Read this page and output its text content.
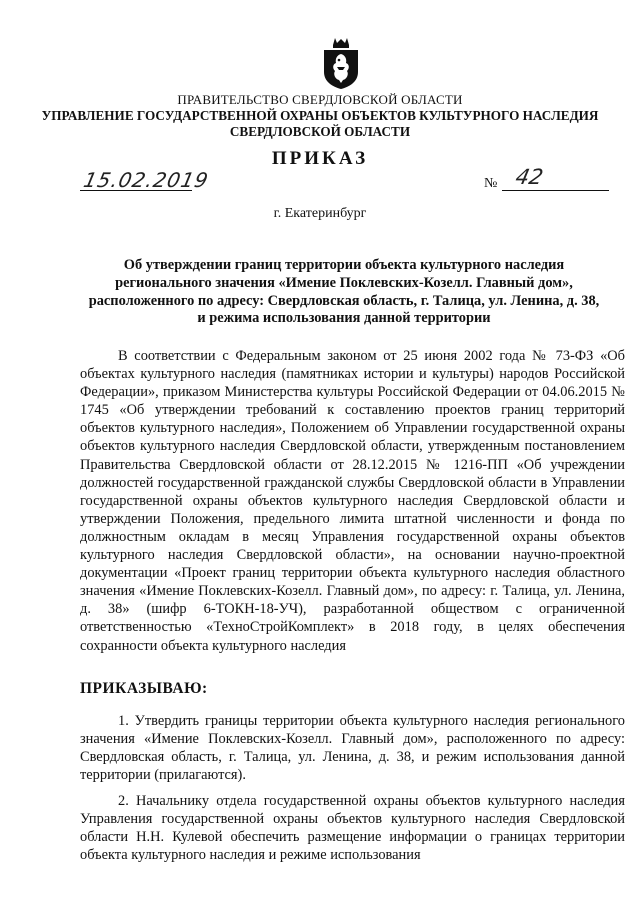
ПРАВИТЕЛЬСТВО СВЕРДЛОВСКОЙ ОБЛАСТИ
УПРАВЛЕНИЕ ГОСУДАРСТВЕННОЙ ОХРАНЫ ОБЪЕКТОВ КУЛЬТУРНОГО НАСЛЕДИЯ СВЕРДЛОВСКОЙ ОБЛАСТИ
ПРИКАЗ
15.02.2019	№ 42
г. Екатеринбург
Об утверждении границ территории объекта культурного наследия регионального значения «Имение Поклевских-Козелл. Главный дом», расположенного по адресу: Свердловская область, г. Талица, ул. Ленина, д. 38, и режима использования данной территории

В соответствии с Федеральным законом от 25 июня 2002 года № 73-ФЗ «Об объектах культурного наследия (памятниках истории и культуры) народов Российской Федерации», приказом Министерства культуры Российской Федерации от 04.06.2015 № 1745 «Об утверждении требований к составлению проектов границ территорий объектов культурного наследия», Положением об Управлении государственной охраны объектов культурного наследия Свердловской области, утвержденным постановлением Правительства Свердловской области от 28.12.2015 № 1216-ПП «Об учреждении должностей государственной гражданской службы Свердловской области в Управлении государственной охраны объектов культурного наследия Свердловской области и утверждении Положения, предельного лимита штатной численности и фонда по должностным окладам в месяц Управления государственной охраны объектов культурного наследия Свердловской области», на основании научно-проектной документации «Проект границ территории объекта культурного наследия областного значения «Имение Поклевских-Козелл. Главный дом», по адресу: г. Талица, ул. Ленина, д. 38» (шифр 6-ТОКН-18-УЧ), разработанной обществом с ограниченной ответственностью «ТехноСтройКомплект» в 2018 году, в целях обеспечения сохранности объекта культурного наследия

ПРИКАЗЫВАЮ:

1. Утвердить границы территории объекта культурного наследия регионального значения «Имение Поклевских-Козелл. Главный дом», расположенного по адресу: Свердловская область, г. Талица, ул. Ленина, д. 38, и режим использования данной территории (прилагаются).

2. Начальнику отдела государственной охраны объектов культурного наследия Управления государственной охраны объектов культурного наследия Свердловской области Н.Н. Кулевой обеспечить размещение информации о границах территории объекта культурного наследия и режиме использования
